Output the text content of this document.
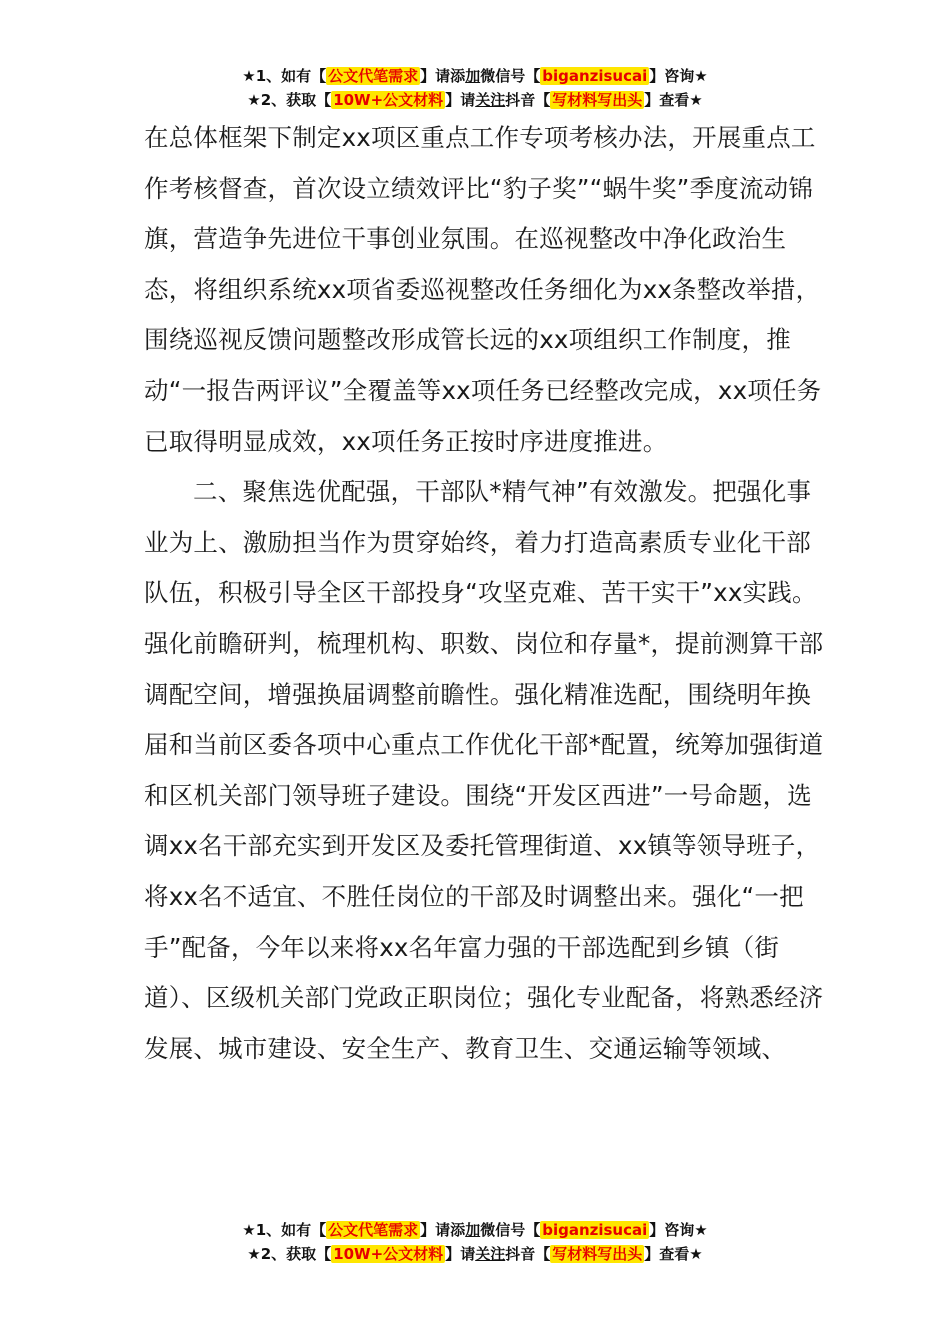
★1、如有【 公文代笔需求 】请添加微信号【 biganzisucai 】咨询★
★2、获取【 10W+公文材料 】请关注抖音【 写材料写出头 】查看★

在总体框架下制定xx项区重点工作专项考核办法，开展重点工作考核督查，首次设立绩效评比“豹子奖”“蜗牛奖”季度流动锦旗，营造争先进位干事创业氛围。在巡视整改中净化政治生态，将组织系统xx项省委巡视整改任务细化为xx条整改举措，围绕巡视反馈问题整改形成管长远的xx项组织工作制度，推动“一报告两评议”全覆盖等xx项任务已经整改完成，xx项任务已取得明显成效，xx项任务正按时序进度推进。

二、聚焦选优配强，干部队*精气神”有效激发。把强化事业为上、激励担当作为贯穿始终，着力打造高素质专业化干部队伍，积极引导全区干部投身“攻坚克难、苦干实干”xx实践。强化前瞻研判，梳理机构、职数、岗位和存量*，提前测算干部调配空间，增强换届调整前瞻性。强化精准选配，围绕明年换届和当前区委各项中心重点工作优化干部*配置，统筹加强街道和区机关部门领导班子建设。围绕“开发区西进”一号命题，选调xx名干部充实到开发区及委托管理街道、xx镇等领导班子，将xx名不适宜、不胜任岗位的干部及时调整出来。强化“一把手”配备，今年以来将xx名年富力强的干部选配到乡镇（街道）、区级机关部门党政正职岗位；强化专业配备，将熟悉经济发展、城市建设、安全生产、教育卫生、交通运输等领域、

★1、如有【 公文代笔需求 】请添加微信号【 biganzisucai 】咨询★
★2、获取【 10W+公文材料 】请关注抖音【 写材料写出头 】查看★
